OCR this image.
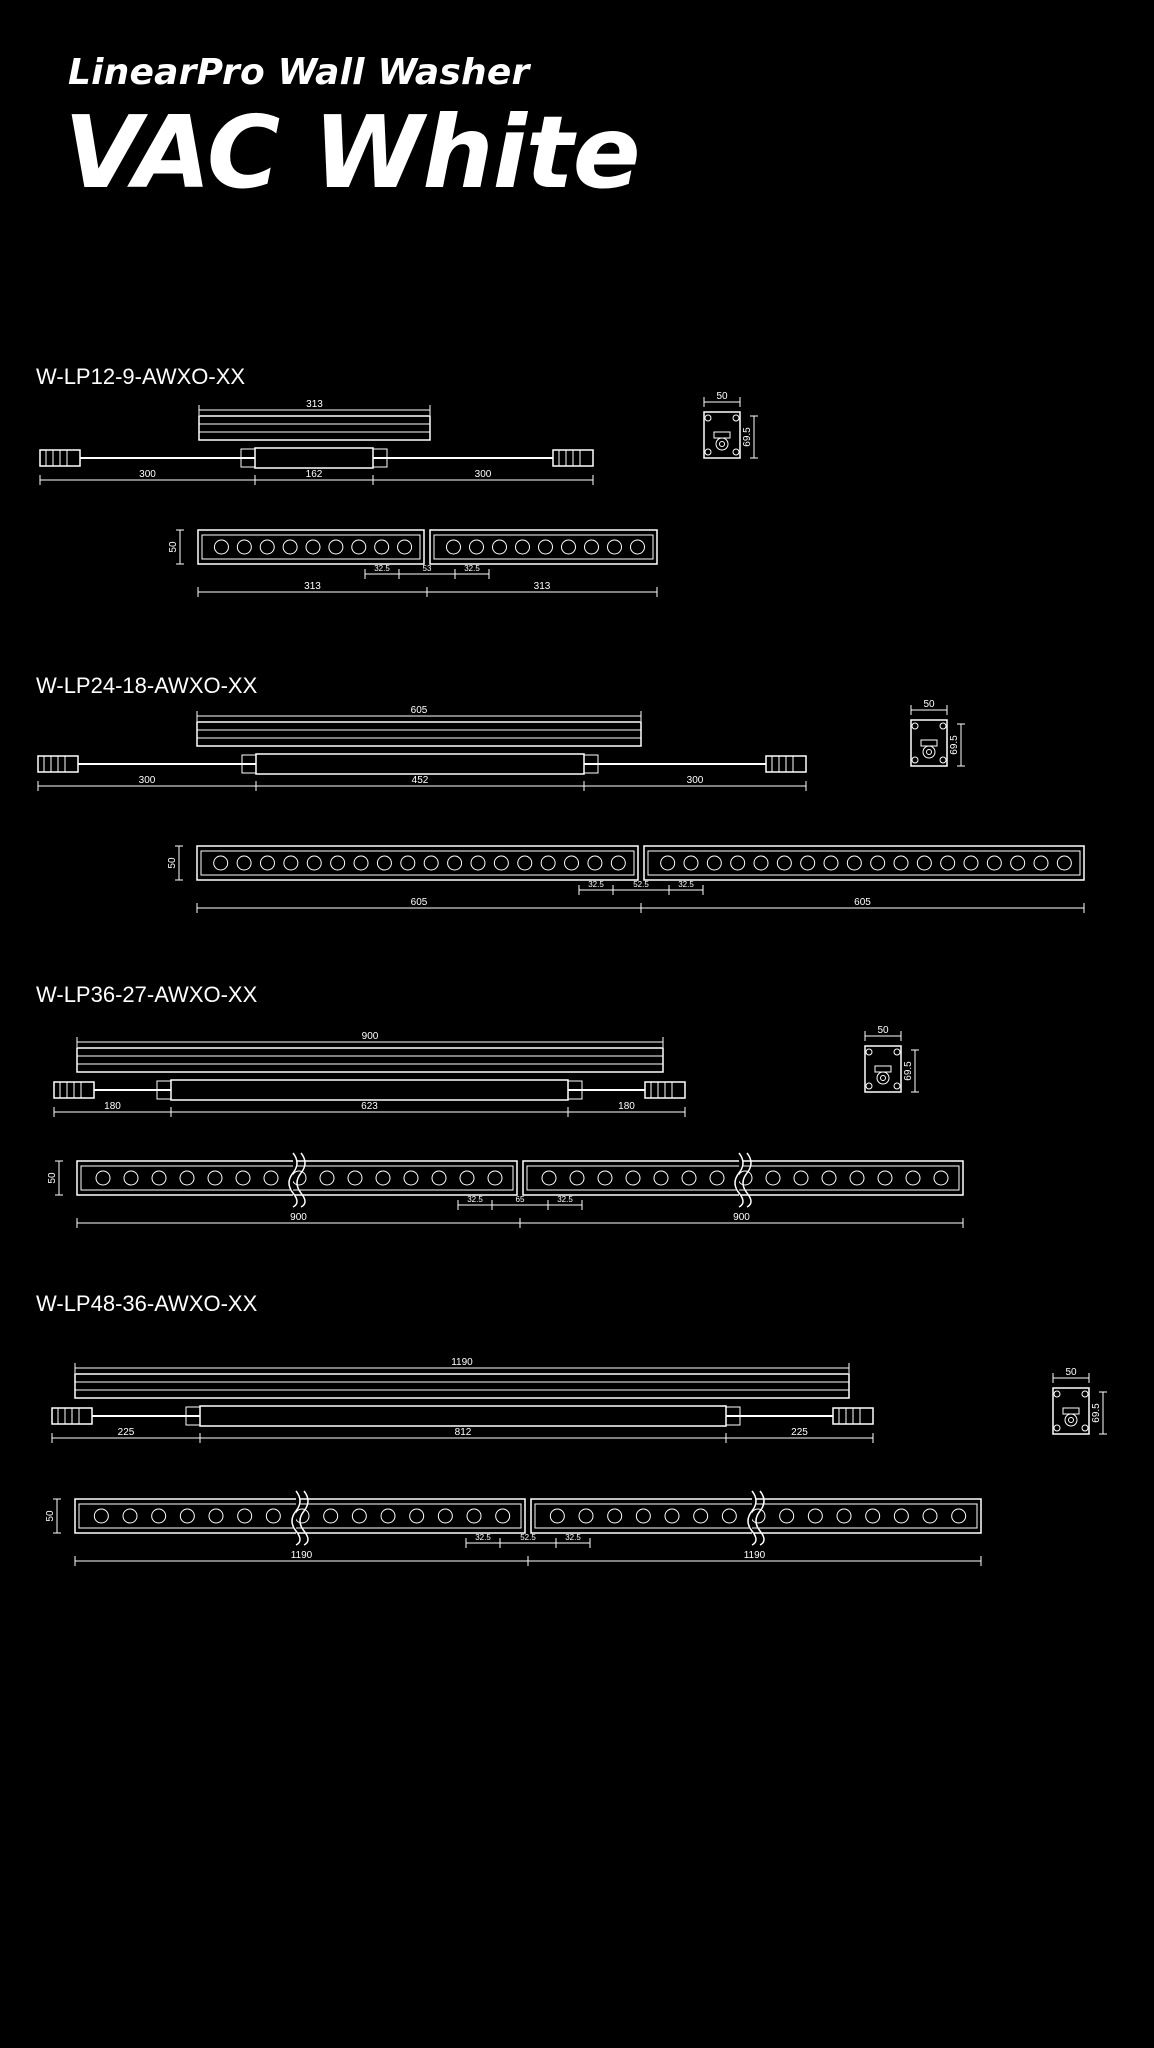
LinearPro Wall Washer
VAC White
W-LP12-9-AWXO-XX
W-LP24-18-AWXO-XX
W-LP36-27-AWXO-XX
W-LP48-36-AWXO-XX
313
300	162	300
50
32.5	53	32.5
313	313
50
69.5
605
300	452	300
50
32.5	52.5	32.5
605	605
50
69.5
900
180	623	180
50
32.5	65	32.5
900	900
50
69.5
1190
225	812	225
50
32.5	52.5	32.5
1190	1190
50
69.5
